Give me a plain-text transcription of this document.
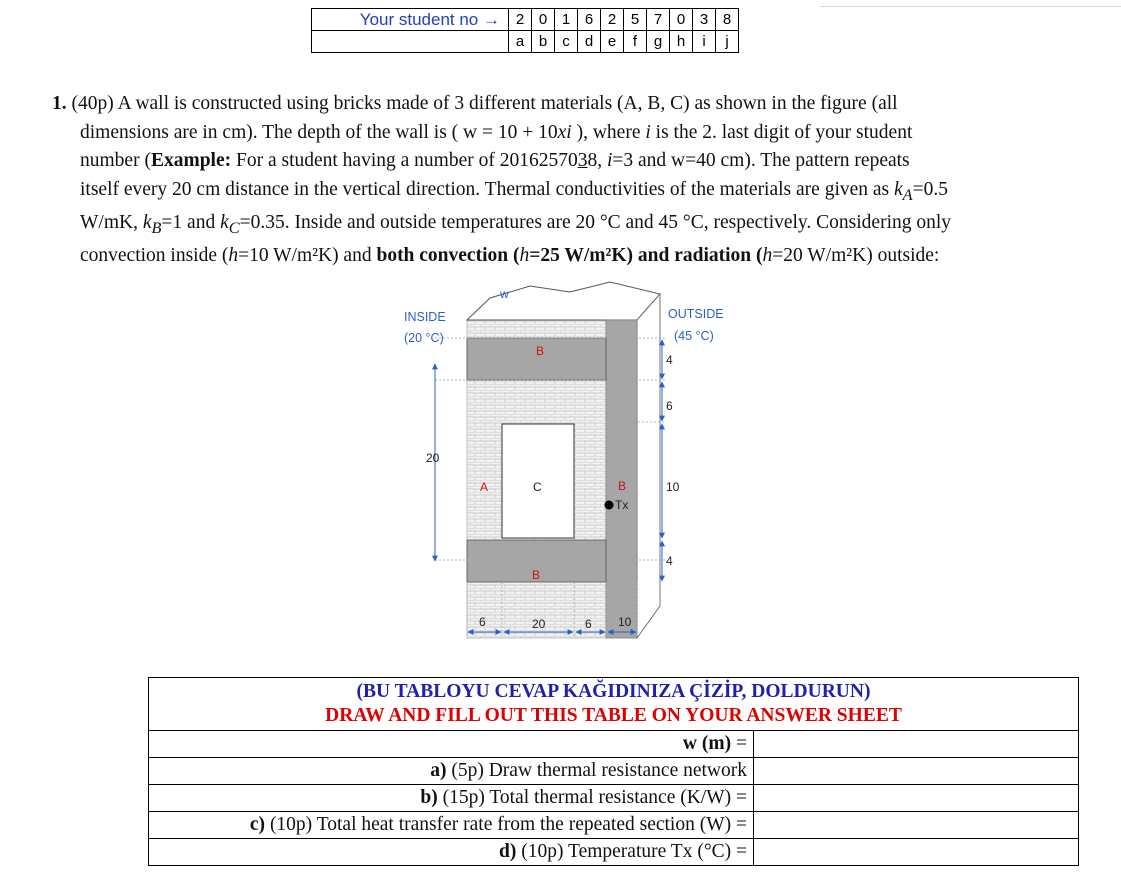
Your student no →	2	0	1	6	2	5	7	0	3	8
	a	b	c	d	e	f	g	h	i	j
1. (40p) A wall is constructed using bricks made of 3 different materials (A, B, C) as shown in the figure (all
dimensions are in cm). The depth of the wall is ( w = 10 + 10xi ), where i is the 2. last digit of your student
number (Example: For a student having a number of 2016257038, i=3 and w=40 cm). The pattern repeats
itself every 20 cm distance in the vertical direction. Thermal conductivities of the materials are given as $k_A=0.5$
W/mK, $k_B=1$ and $k_C=0.35$. Inside and outside temperatures are 20 °C and 45 °C, respectively. Considering only
convection inside (h=10 W/m²K) and both convection (h=25 W/m²K) and radiation (h=20 W/m²K) outside:
INSIDE
(20 °C)
OUTSIDE
(45 °C)
w
B
B
B
A	C
Tx
20
4
6
10
4
6	20	6 10
(BU TABLOYU CEVAP KAĞIDINIZA ÇİZİP, DOLDURUN)
DRAW AND FILL OUT THIS TABLE ON YOUR ANSWER SHEET	

w (m) =	
a) (5p) Draw thermal resistance network	
b) (15p) Total thermal resistance (K/W) =	
c) (10p) Total heat transfer rate from the repeated section (W) =	
d) (10p) Temperature Tx (°C) =	
